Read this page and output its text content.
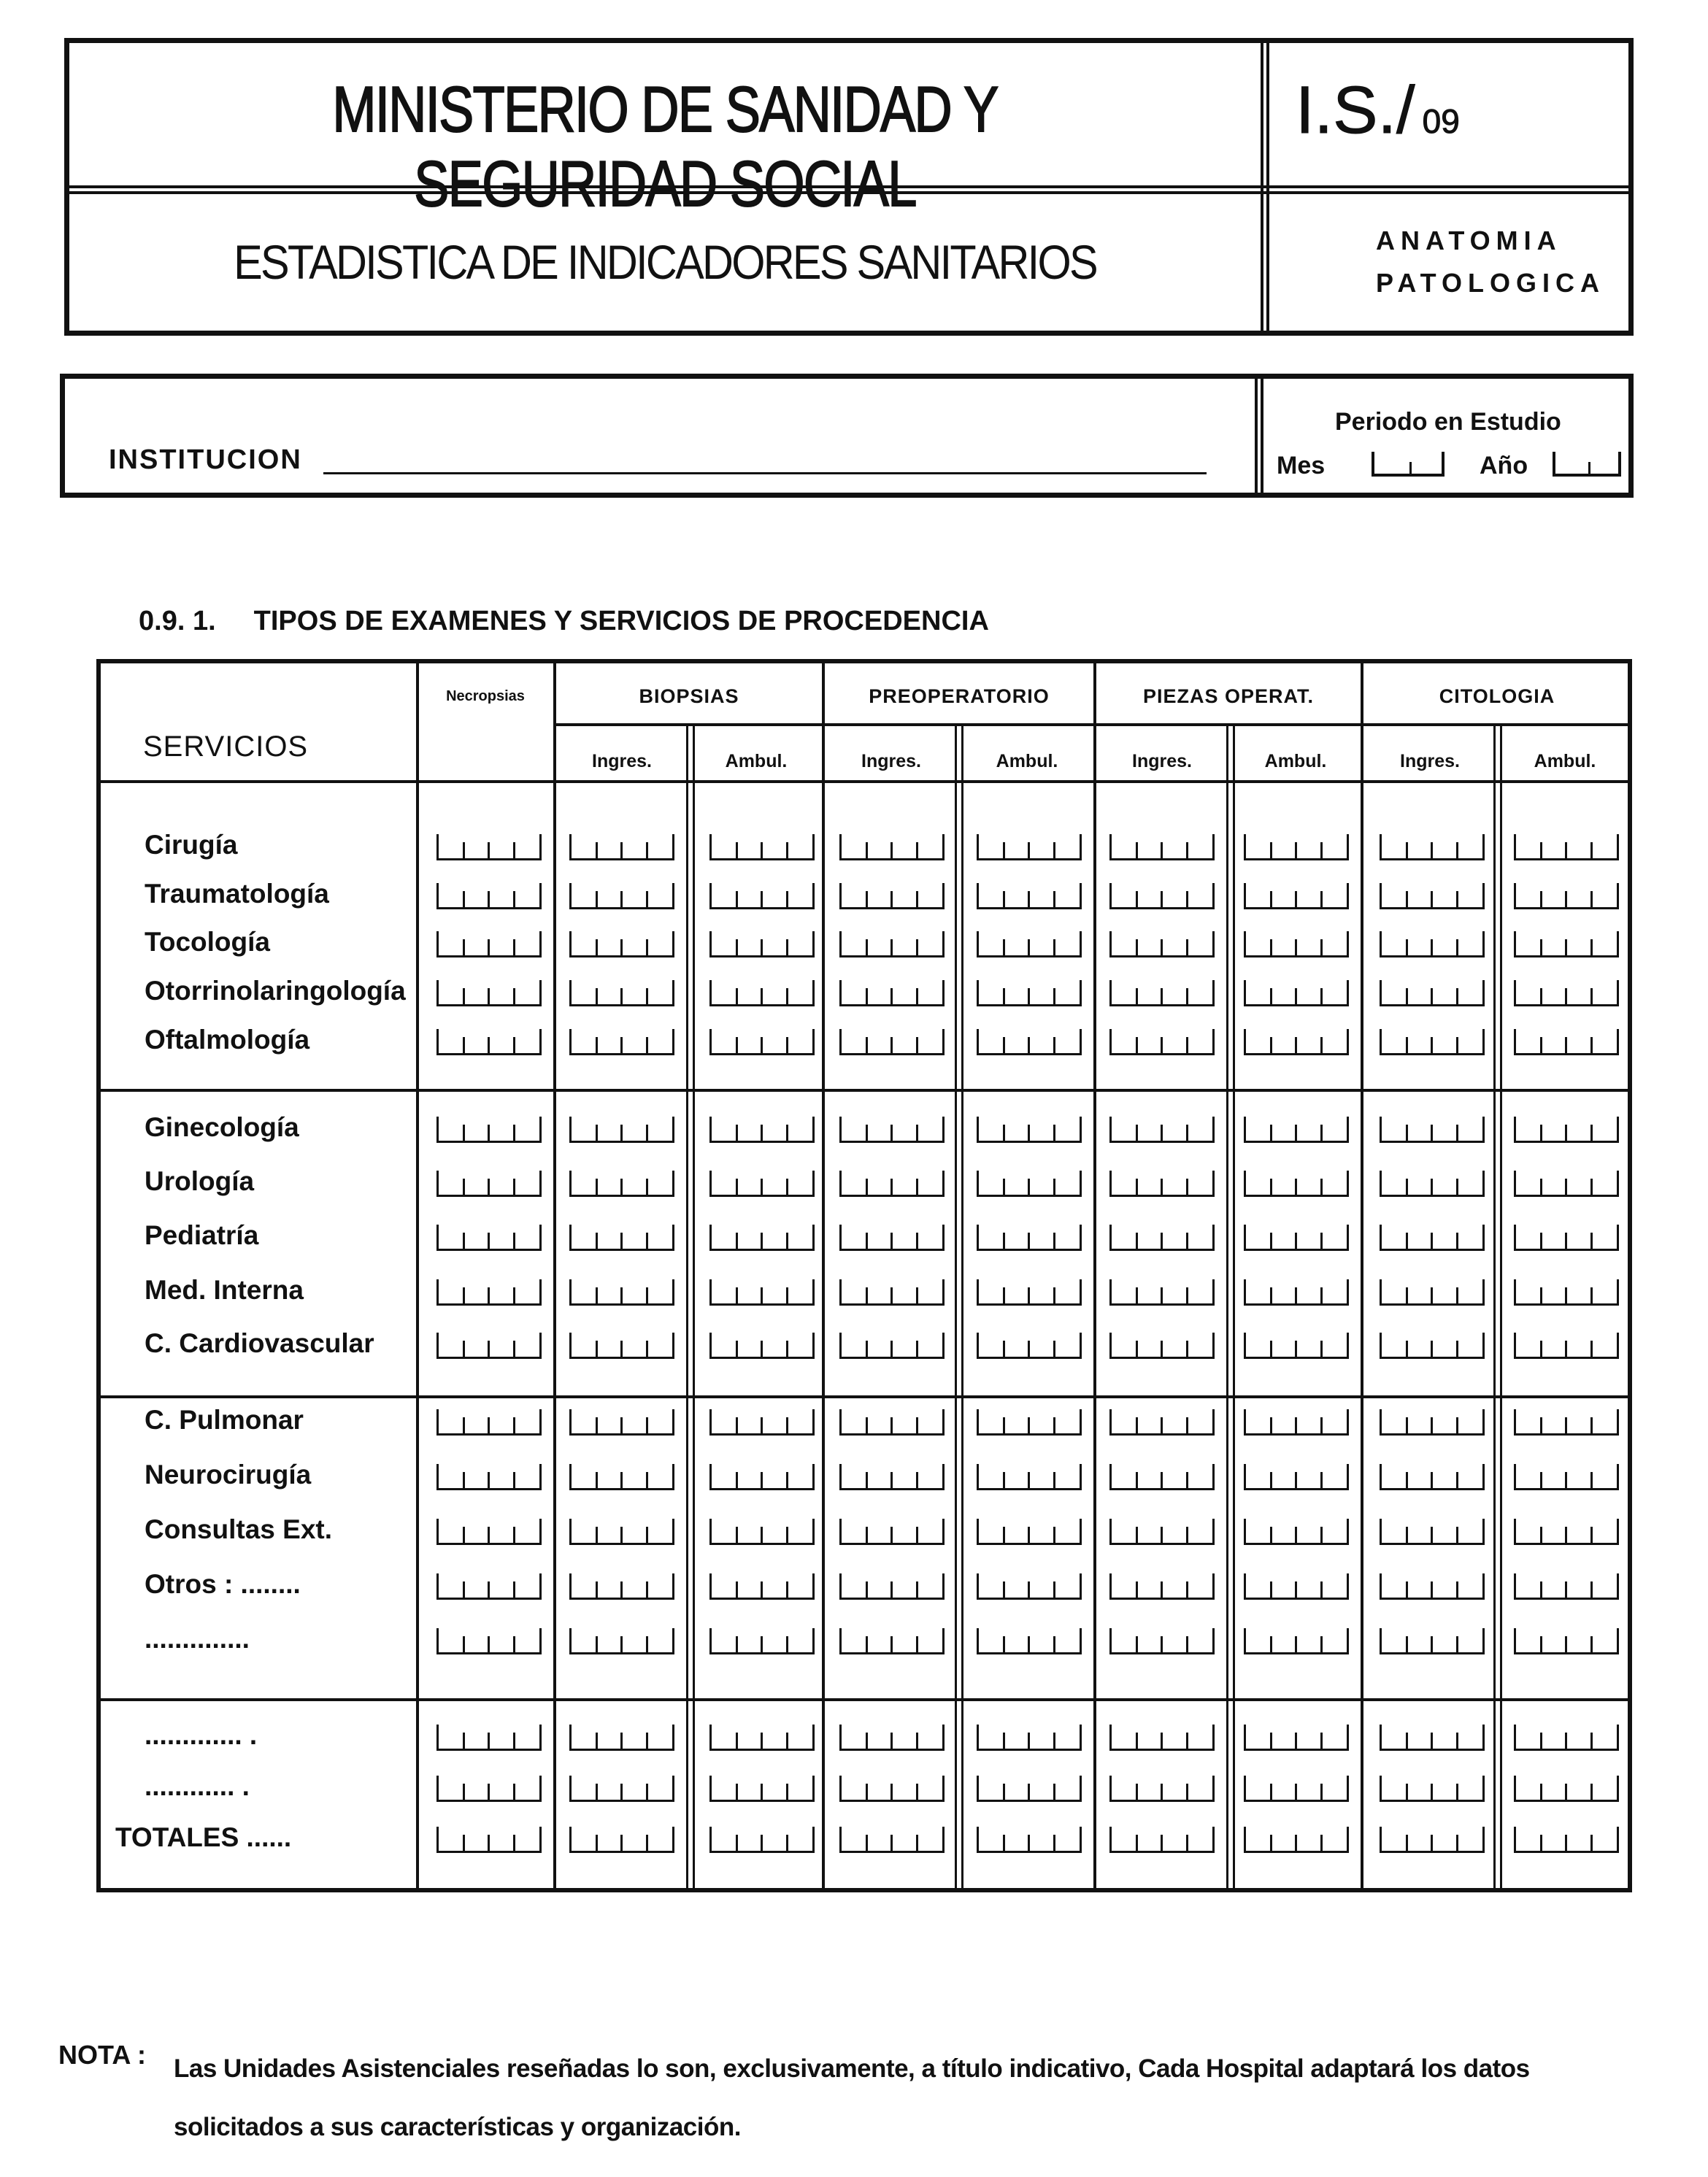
MINISTERIO DE SANIDAD Y SEGURIDAD SOCIAL
I.S./ 09
ESTADISTICA DE INDICADORES SANITARIOS	ANATOMIA
PATOLOGICA
INSTITUCION
Periodo en Estudio
Mes	Año
0.9. 1. TIPOS DE EXAMENES Y SERVICIOS DE PROCEDENCIA
SERVICIOS
Necropsias	BIOPSIAS	PREOPERATORIO	PIEZAS OPERAT.	CITOLOGIA
Ingres.	Ambul.	Ingres.	Ambul.	Ingres.	Ambul.	Ingres.	Ambul.
Cirugía
Traumatología
Tocología
Otorrinolaringología
Oftalmología
Ginecología
Urología
Pediatría
Med. Interna
C. Cardiovascular
C. Pulmonar
Neurocirugía
Consultas Ext.
Otros : ........
..............
............. .
............ .
TOTALES ......
NOTA : Las Unidades Asistenciales reseñadas lo son, exclusivamente, a título indicativo, Cada Hospital adaptará los datos solicitados a sus características y organización.
